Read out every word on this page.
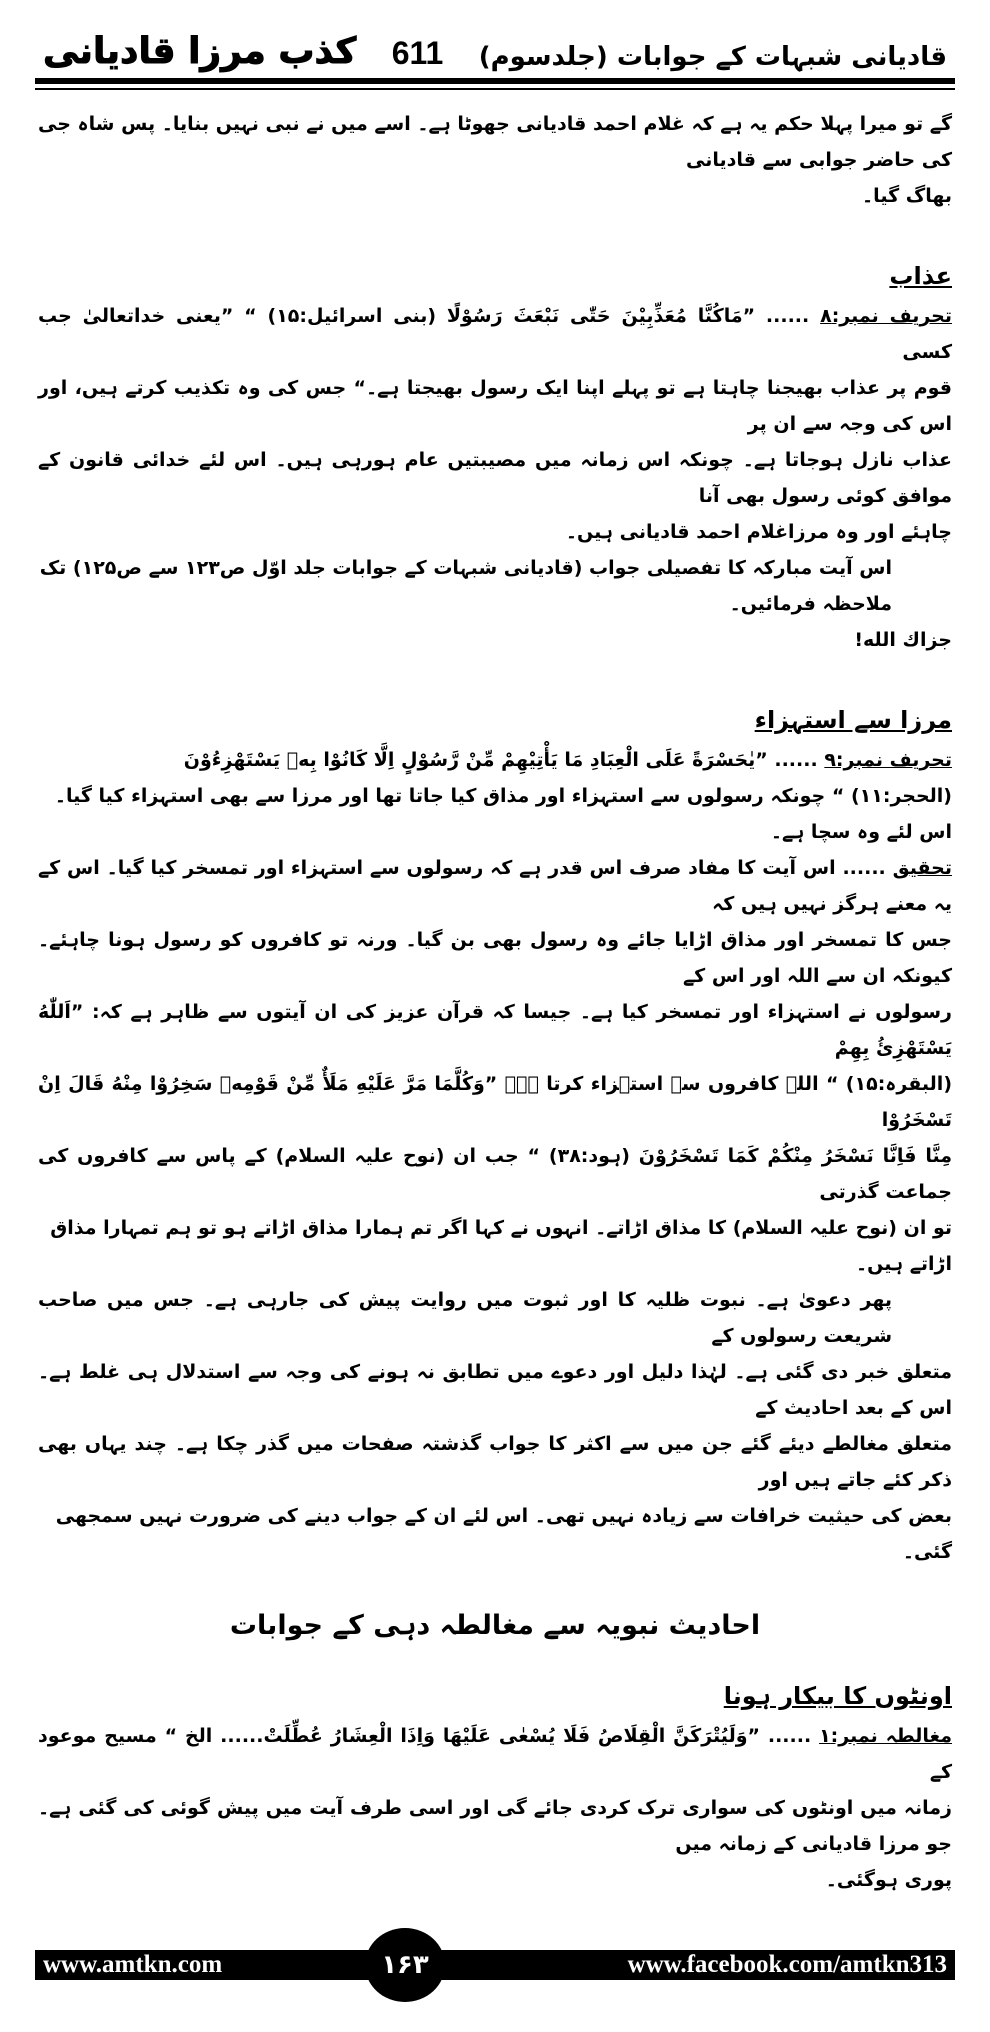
قادیانی شبہات کے جوابات (جلدسوم)
611
کذب مرزا قادیانی
گے تو میرا پہلا حکم یہ ہے کہ غلام احمد قادیانی جھوٹا ہے۔ اسے میں نے نبی نہیں بنایا۔ پس شاہ جی کی حاضر جوابی سے قادیانی
بھاگ گیا۔
عذاب
تحریف نمبر:۸ ...... ”مَاكُنَّا مُعَذِّبِيْنَ حَتّٰى نَبْعَثَ رَسُوْلًا (بنی اسرائیل:۱۵) “ ”یعنی خداتعالیٰ جب کسی
قوم پر عذاب بھیجنا چاہتا ہے تو پہلے اپنا ایک رسول بھیجتا ہے۔“ جس کی وہ تکذیب کرتے ہیں، اور اس کی وجہ سے ان پر
عذاب نازل ہوجاتا ہے۔ چونکہ اس زمانہ میں مصیبتیں عام ہورہی ہیں۔ اس لئے خدائی قانون کے موافق کوئی رسول بھی آنا
چاہئے اور وہ مرزاغلام احمد قادیانی ہیں۔
اس آیت مبارکہ کا تفصیلی جواب (قادیانی شبہات کے جوابات جلد اوّل ص۱۲۳ سے ص۱۲۵) تک ملاحظہ فرمائیں۔
جزاك الله!
مرزا سے استہزاء
تحریف نمبر:۹ ...... ”يٰحَسْرَةً عَلَى الْعِبَادِ مَا يَأْتِيْهِمْ مِّنْ رَّسُوْلٍ اِلَّا كَانُوْا بِهٖ يَسْتَهْزِءُوْنَ
(الحجر:۱۱) “ چونکہ رسولوں سے استہزاء اور مذاق کیا جاتا تھا اور مرزا سے بھی استہزاء کیا گیا۔ اس لئے وہ سچا ہے۔
تحقیق ...... اس آیت کا مفاد صرف اس قدر ہے کہ رسولوں سے استہزاء اور تمسخر کیا گیا۔ اس کے یہ معنے ہرگز نہیں ہیں کہ
جس کا تمسخر اور مذاق اڑایا جائے وہ رسول بھی بن گیا۔ ورنہ تو کافروں کو رسول ہونا چاہئے۔ کیونکہ ان سے اللہ اور اس کے
رسولوں نے استہزاء اور تمسخر کیا ہے۔ جیسا کہ قرآن عزیز کی ان آیتوں سے ظاہر ہے کہ: ”اَللّٰهُ يَسْتَهْزِئُ بِهِمْ
(البقرہ:۱۵) “ اللہ کافروں سے استہزاء کرتا ہے۔ ”وَكُلَّمَا مَرَّ عَلَيْهِ مَلَأٌ مِّنْ قَوْمِهٖ سَخِرُوْا مِنْهُ قَالَ اِنْ تَسْخَرُوْا
مِنَّا فَاِنَّا نَسْخَرُ مِنْكُمْ كَمَا تَسْخَرُوْنَ (ہود:۳۸) “ جب ان (نوح علیہ السلام) کے پاس سے کافروں کی جماعت گذرتی
تو ان (نوح علیہ السلام) کا مذاق اڑاتے۔ انہوں نے کہا اگر تم ہمارا مذاق اڑاتے ہو تو ہم تمہارا مذاق اڑاتے ہیں۔
پھر دعویٰ ہے۔ نبوت ظلیہ کا اور ثبوت میں روایت پیش کی جارہی ہے۔ جس میں صاحب شریعت رسولوں کے
متعلق خبر دی گئی ہے۔ لہٰذا دلیل اور دعوے میں تطابق نہ ہونے کی وجہ سے استدلال ہی غلط ہے۔ اس کے بعد احادیث کے
متعلق مغالطے دیئے گئے جن میں سے اکثر کا جواب گذشتہ صفحات میں گذر چکا ہے۔ چند یہاں بھی ذکر کئے جاتے ہیں اور
بعض کی حیثیت خرافات سے زیادہ نہیں تھی۔ اس لئے ان کے جواب دینے کی ضرورت نہیں سمجھی گئی۔
احادیث نبویہ سے مغالطہ دہی کے جوابات
اونٹوں کا بیکار ہونا
مغالطہ نمبر:۱ ...... ”وَلَيُتْرَكَنَّ الْقِلَاصُ فَلَا يُسْعٰى عَلَيْهَا وَاِذَا الْعِشَارُ عُطِّلَتْ...... الخ “ مسیح موعود کے
زمانہ میں اونٹوں کی سواری ترک کردی جائے گی اور اسی طرف آیت میں پیش گوئی کی گئی ہے۔ جو مرزا قادیانی کے زمانہ میں
پوری ہوگئی۔
www.amtkn.com	www.facebook.com/amtkn313
۱۶۳
